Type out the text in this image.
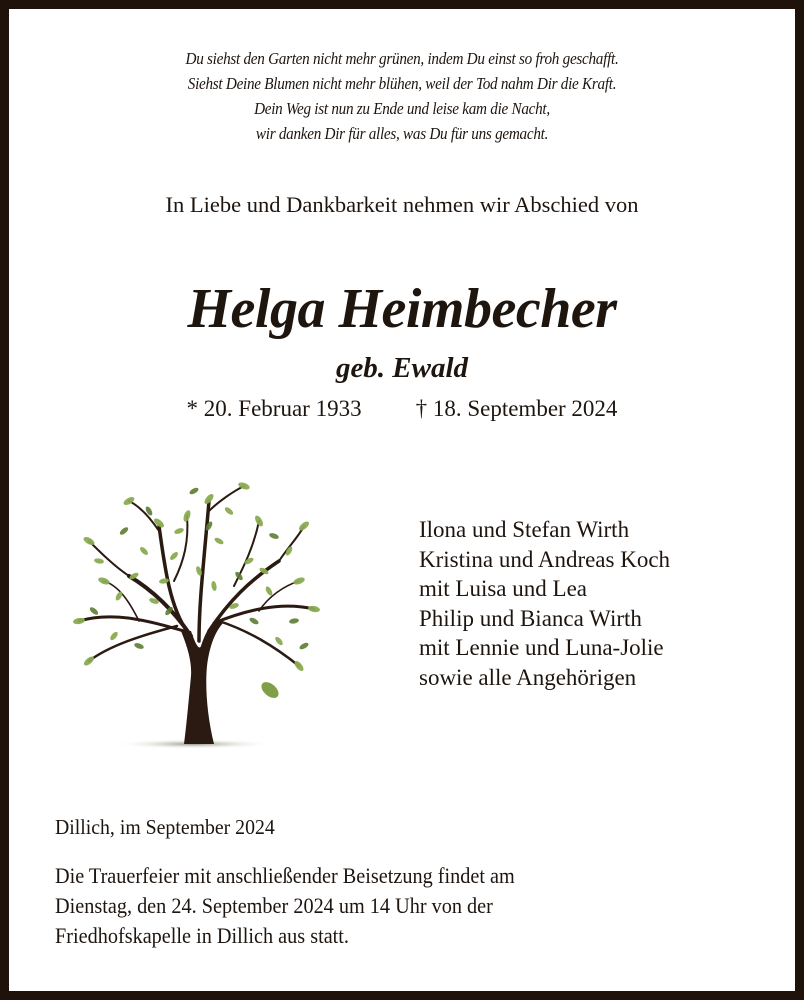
Du siehst den Garten nicht mehr grünen, indem Du einst so froh geschafft.
Siehst Deine Blumen nicht mehr blühen, weil der Tod nahm Dir die Kraft.
Dein Weg ist nun zu Ende und leise kam die Nacht,
wir danken Dir für alles, was Du für uns gemacht.
In Liebe und Dankbarkeit nehmen wir Abschied von
Helga Heimbecher
geb. Ewald
* 20. Februar 1933 † 18. September 2024
Ilona und Stefan Wirth
Kristina und Andreas Koch
mit Luisa und Lea
Philip und Bianca Wirth
mit Lennie und Luna-Jolie
sowie alle Angehörigen
Dillich, im September 2024
Die Trauerfeier mit anschließender Beisetzung findet am
Dienstag, den 24. September 2024 um 14 Uhr von der
Friedhofskapelle in Dillich aus statt.
